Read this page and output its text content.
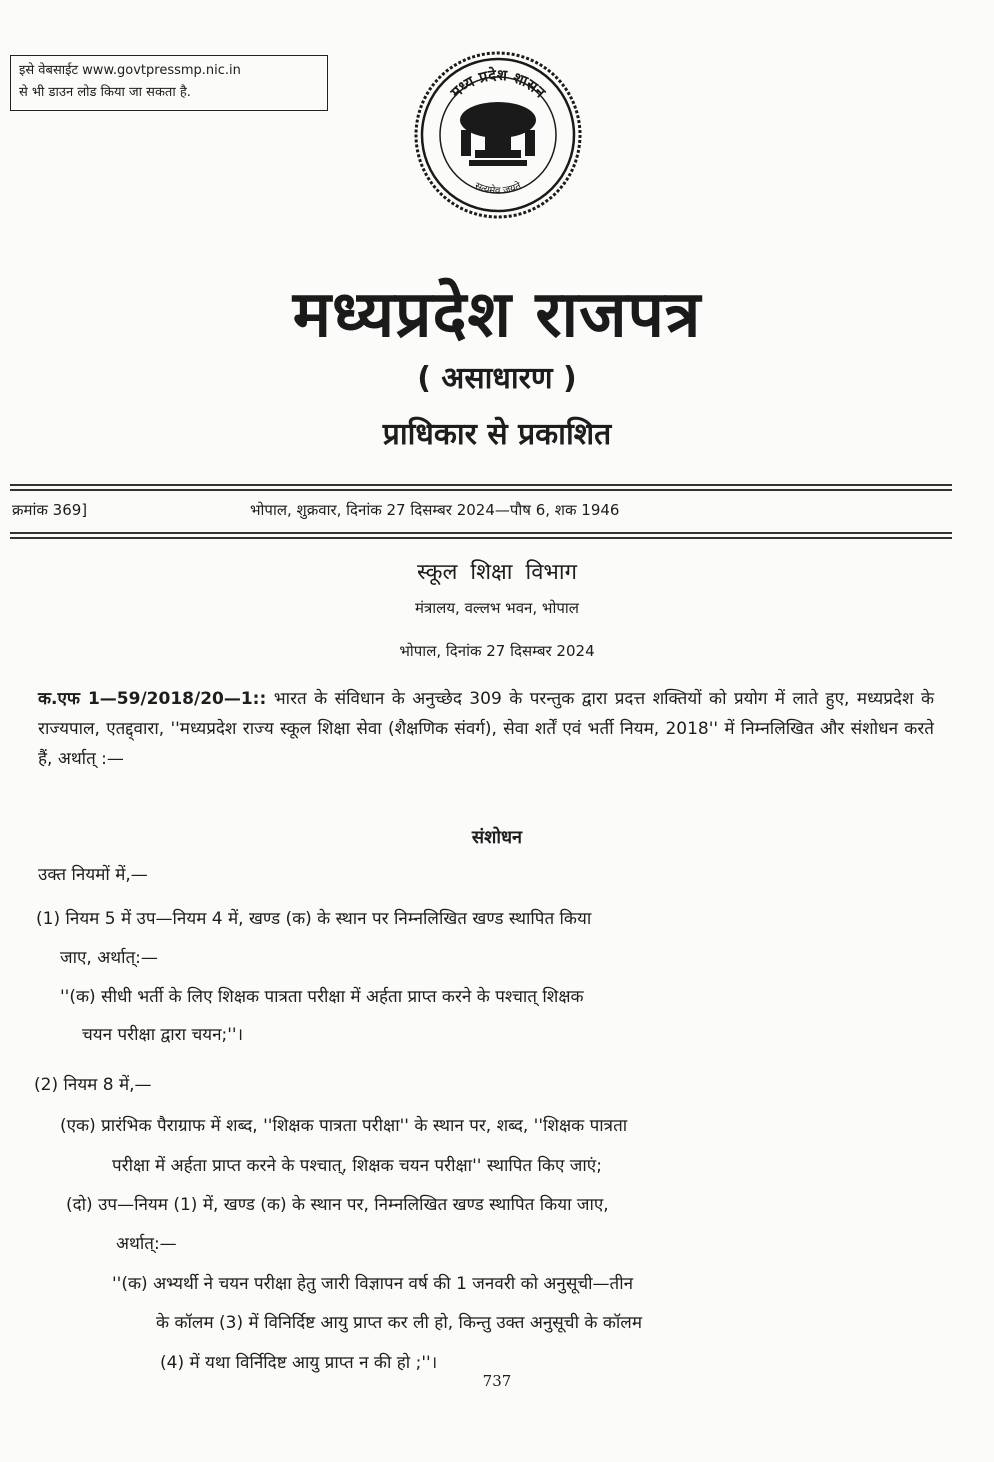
इसे वेबसाईट www.govtpressmp.nic.in
से भी डाउन लोड किया जा सकता है.	मध्य प्रदेश शासन
सत्यमेव जयते
मध्यप्रदेश राजपत्र
( असाधारण )
प्राधिकार से प्रकाशित
क्रमांक 369]	भोपाल, शुक्रवार, दिनांक 27 दिसम्बर 2024—पौष 6, शक 1946
स्कूल शिक्षा विभाग
मंत्रालय, वल्लभ भवन, भोपाल
भोपाल, दिनांक 27 दिसम्बर 2024
क.एफ 1—59/2018/20—1:: भारत के संविधान के अनुच्छेद 309 के परन्तुक द्वारा प्रदत्त शक्तियों को प्रयोग में लाते हुए, मध्यप्रदेश के राज्यपाल, एतद्द्वारा, ''मध्यप्रदेश राज्य स्कूल शिक्षा सेवा (शैक्षणिक संवर्ग), सेवा शर्तें एवं भर्ती नियम, 2018'' में निम्नलिखित और संशोधन करते हैं, अर्थात् :—
संशोधन
उक्त नियमों में,—
(1) नियम 5 में उप—नियम 4 में, खण्ड (क) के स्थान पर निम्नलिखित खण्ड स्थापित किया
जाए, अर्थात्:—
''(क) सीधी भर्ती के लिए शिक्षक पात्रता परीक्षा में अर्हता प्राप्त करने के पश्चात् शिक्षक
चयन परीक्षा द्वारा चयन;''।
(2) नियम 8 में,—
(एक) प्रारंभिक पैराग्राफ में शब्द, ''शिक्षक पात्रता परीक्षा'' के स्थान पर, शब्द, ''शिक्षक पात्रता
परीक्षा में अर्हता प्राप्त करने के पश्चात्, शिक्षक चयन परीक्षा'' स्थापित किए जाएं;
(दो) उप—नियम (1) में, खण्ड (क) के स्थान पर, निम्नलिखित खण्ड स्थापित किया जाए,
अर्थात्:—
''(क) अभ्यर्थी ने चयन परीक्षा हेतु जारी विज्ञापन वर्ष की 1 जनवरी को अनुसूची—तीन
के कॉलम (3) में विनिर्दिष्ट आयु प्राप्त कर ली हो, किन्तु उक्त अनुसूची के कॉलम
(4) में यथा विर्निदिष्ट आयु प्राप्त न की हो ;''।
737
